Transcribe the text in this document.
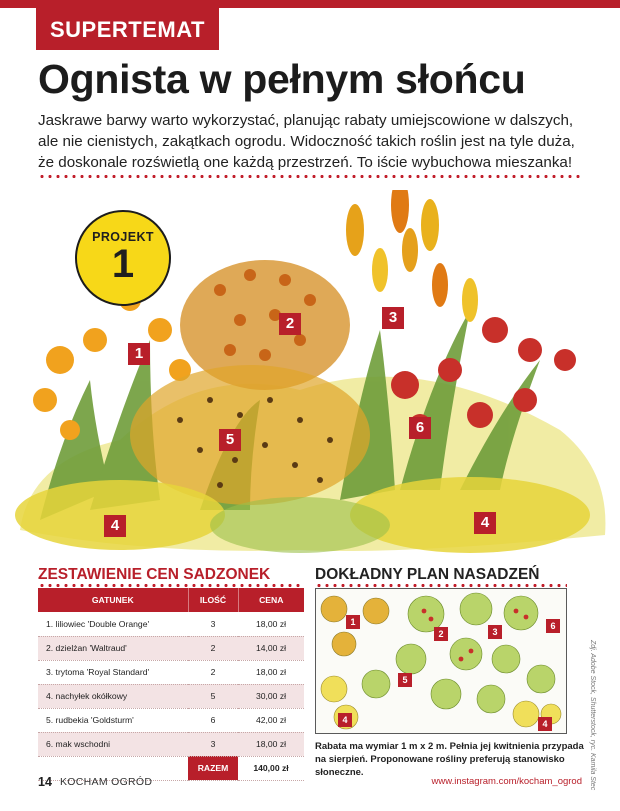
SUPERTEMAT
Ognista w pełnym słońcu
Jaskrawe barwy warto wykorzystać, planując rabaty umiejscowione w dalszych,
ale nie cienistych, zakątkach ogrodu. Widoczność takich roślin jest na tyle duża,
że doskonale rozświetlą one każdą przestrzeń. To iście wybuchowa mieszanka!
1
2	3
4	4
5
6
PROJEKT
1
ZESTAWIENIE CEN SADZONEK
GATUNEK	ILOŚĆ	CENA
1. liliowiec 'Double Orange'	3	18,00 zł
2. dzielżan 'Waltraud'	2	14,00 zł
3. trytoma 'Royal Standard'	2	18,00 zł
4. nachyłek okółkowy	5	30,00 zł
5. rudbekia 'Goldsturm'	6	42,00 zł
6. mak wschodni	3	18,00 zł
	RAZEM	140,00 zł
DOKŁADNY PLAN NASADZEŃ
1
2	3
4	4
5
6
Rabata ma wymiar 1 m x 2 m. Pełnia jej kwitnienia przypada na sierpień. Proponowane rośliny preferują stanowisko słoneczne.	Zdj. Adobe Stock, Shutterstock, ryc. Kamila Stec
14 KOCHAM OGRÓD	www.instagram.com/kocham_ogrod
